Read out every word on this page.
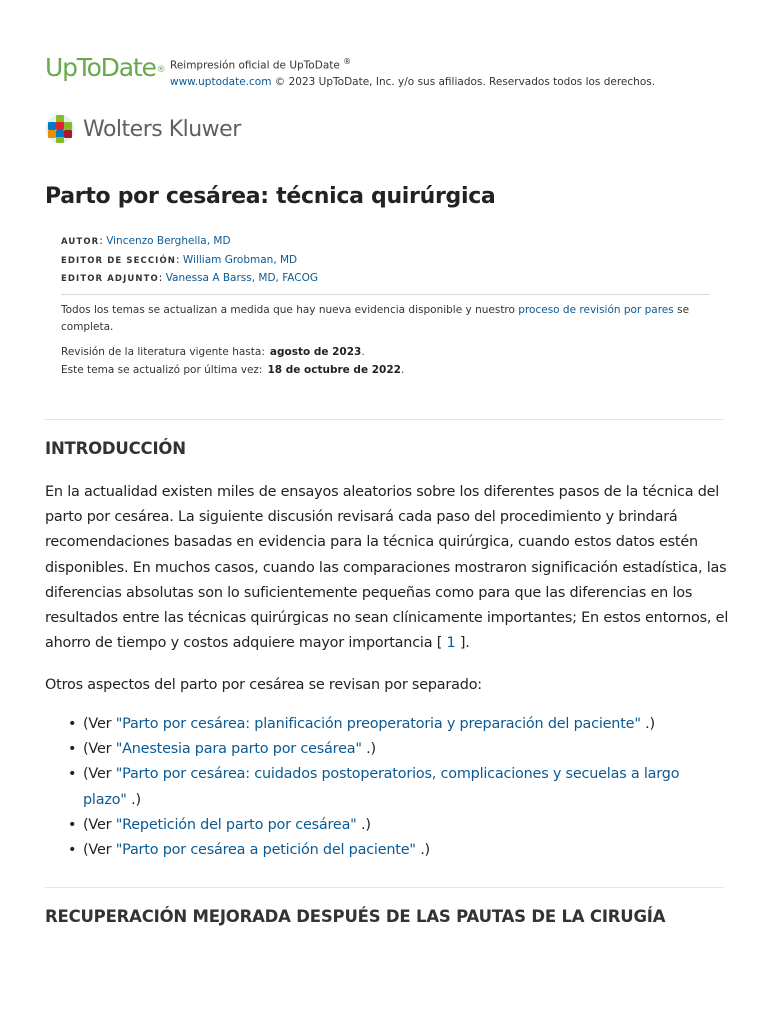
UpToDate® Reimpresión oficial de UpToDate ®
www.uptodate.com © 2023 UpToDate, Inc. y/o sus afiliados. Reservados todos los derechos.
Wolters Kluwer
Parto por cesárea: técnica quirúrgica
AUTOR: Vincenzo Berghella, MD
EDITOR DE SECCIÓN: William Grobman, MD
EDITOR ADJUNTO: Vanessa A Barss, MD, FACOG
Todos los temas se actualizan a medida que hay nueva evidencia disponible y nuestro proceso de revisión por pares se completa.
Revisión de la literatura vigente hasta: agosto de 2023.
Este tema se actualizó por última vez: 18 de octubre de 2022.
INTRODUCCIÓN

En la actualidad existen miles de ensayos aleatorios sobre los diferentes pasos de la técnica del parto por cesárea. La siguiente discusión revisará cada paso del procedimiento y brindará recomendaciones basadas en evidencia para la técnica quirúrgica, cuando estos datos estén disponibles. En muchos casos, cuando las comparaciones mostraron significación estadística, las diferencias absolutas son lo suficientemente pequeñas como para que las diferencias en los resultados entre las técnicas quirúrgicas no sean clínicamente importantes; En estos entornos, el ahorro de tiempo y costos adquiere mayor importancia [ 1 ].

Otros aspectos del parto por cesárea se revisan por separado:

• (Ver "Parto por cesárea: planificación preoperatoria y preparación del paciente" .)
• (Ver "Anestesia para parto por cesárea" .)
• (Ver "Parto por cesárea: cuidados postoperatorios, complicaciones y secuelas a largo plazo" .)
• (Ver "Repetición del parto por cesárea" .)
• (Ver "Parto por cesárea a petición del paciente" .)
RECUPERACIÓN MEJORADA DESPUÉS DE LAS PAUTAS DE LA CIRUGÍA
